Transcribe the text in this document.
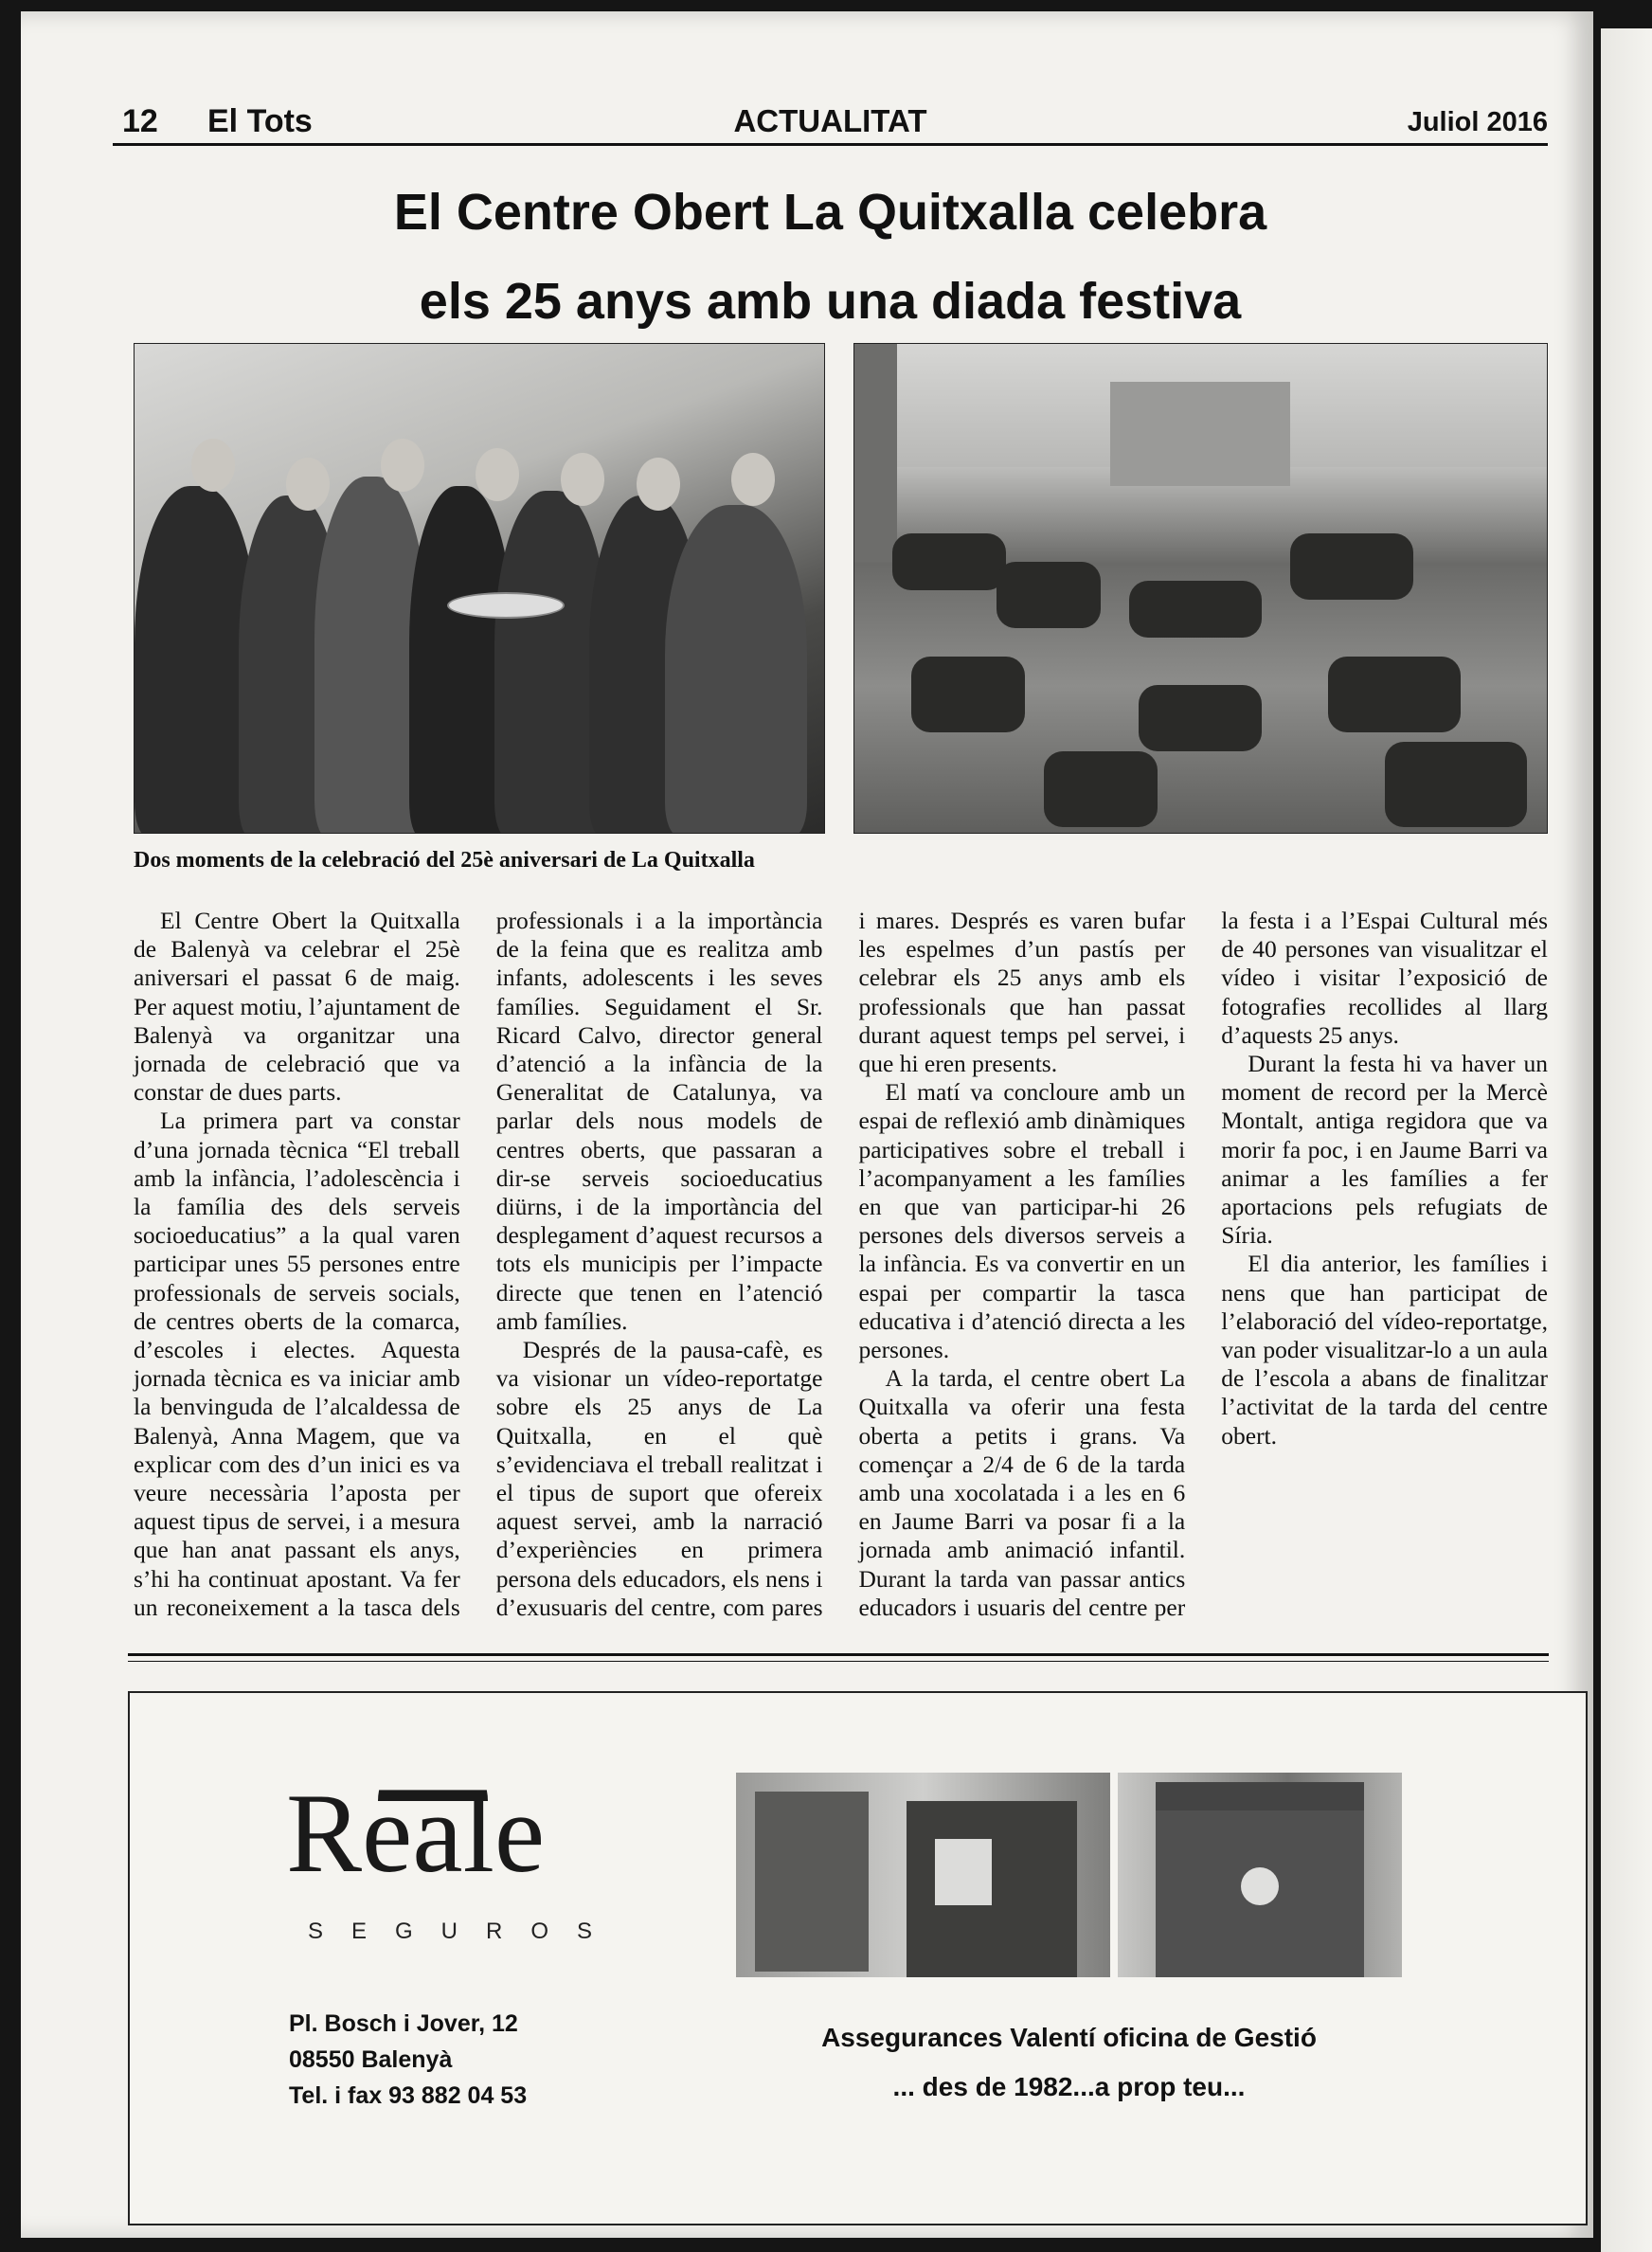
12 El Tots	ACTUALITAT	Juliol 2016
El Centre Obert La Quitxalla celebra
els 25 anys amb una diada festiva
Dos moments de la celebració del 25è aniversari de La Quitxalla

El Centre Obert la Quitxalla de Balenyà va celebrar el 25è aniversari el passat 6 de maig. Per aquest motiu, l’ajuntament de Balenyà va organitzar una jornada de celebració que va constar de dues parts.

La primera part va constar d’una jornada tècnica “El treball amb la infància, l’adolescència i la família des dels serveis socioeducatius” a la qual varen participar unes 55 persones entre professionals de serveis socials, de centres oberts de la comarca, d’escoles i electes. Aquesta jornada tècnica es va iniciar amb la benvinguda de l’alcaldessa de Balenyà, Anna Magem, que va explicar com des d’un inici es va veure necessària l’aposta per aquest tipus de servei, i a mesura que han anat passant els anys, s’hi ha continuat apostant. Va fer un reconeixement a la tasca dels professionals i a la importància de la feina que es realitza amb infants, adolescents i les seves famílies. Seguidament el Sr. Ricard Calvo, director general d’atenció a la infància de la Generalitat de Catalunya, va parlar dels nous models de centres oberts, que passaran a dir-se serveis socioeducatius diürns, i de la importància del desplegament d’aquest recursos a tots els municipis per l’impacte directe que tenen en l’atenció amb famílies.

Després de la pausa-cafè, es va visionar un vídeo-reportatge sobre els 25 anys de La Quitxalla, en el què s’evidenciava el treball realitzat i el tipus de suport que ofereix aquest servei, amb la narració d’experiències en primera persona dels educadors, els nens i d’exusuaris del centre, com pares i mares. Després es varen bufar les espelmes d’un pastís per celebrar els 25 anys amb els professionals que han passat durant aquest temps pel servei, i que hi eren presents.

El matí va concloure amb un espai de reflexió amb dinàmiques participatives sobre el treball i l’acompanyament a les famílies en que van participar-hi 26 persones dels diversos serveis a la infància. Es va convertir en un espai per compartir la tasca educativa i d’atenció directa a les persones.

A la tarda, el centre obert La Quitxalla va oferir una festa oberta a petits i grans. Va començar a 2/4 de 6 de la tarda amb una xocolatada i a les en 6 en Jaume Barri va posar fi a la jornada amb animació infantil. Durant la tarda van passar antics educadors i usuaris del centre per la festa i a l’Espai Cultural més de 40 persones van visualitzar el vídeo i visitar l’exposició de fotografies recollides al llarg d’aquests 25 anys.

Durant la festa hi va haver un moment de record per la Mercè Montalt, antiga regidora que va morir fa poc, i en Jaume Barri va animar a les famílies a fer aportacions pels refugiats de Síria.

El dia anterior, les famílies i nens que han participat de l’elaboració del vídeo-reportatge, van poder visualitzar-lo a un aula de l’escola a abans de finalitzar l’activitat de la tarda del centre obert.

Reale
SEGUROS
Pl. Bosch i Jover, 12
08550 Balenyà
Tel. i fax 93 882 04 53
Assegurances Valentí oficina de Gestió
... des de 1982...a prop teu...
